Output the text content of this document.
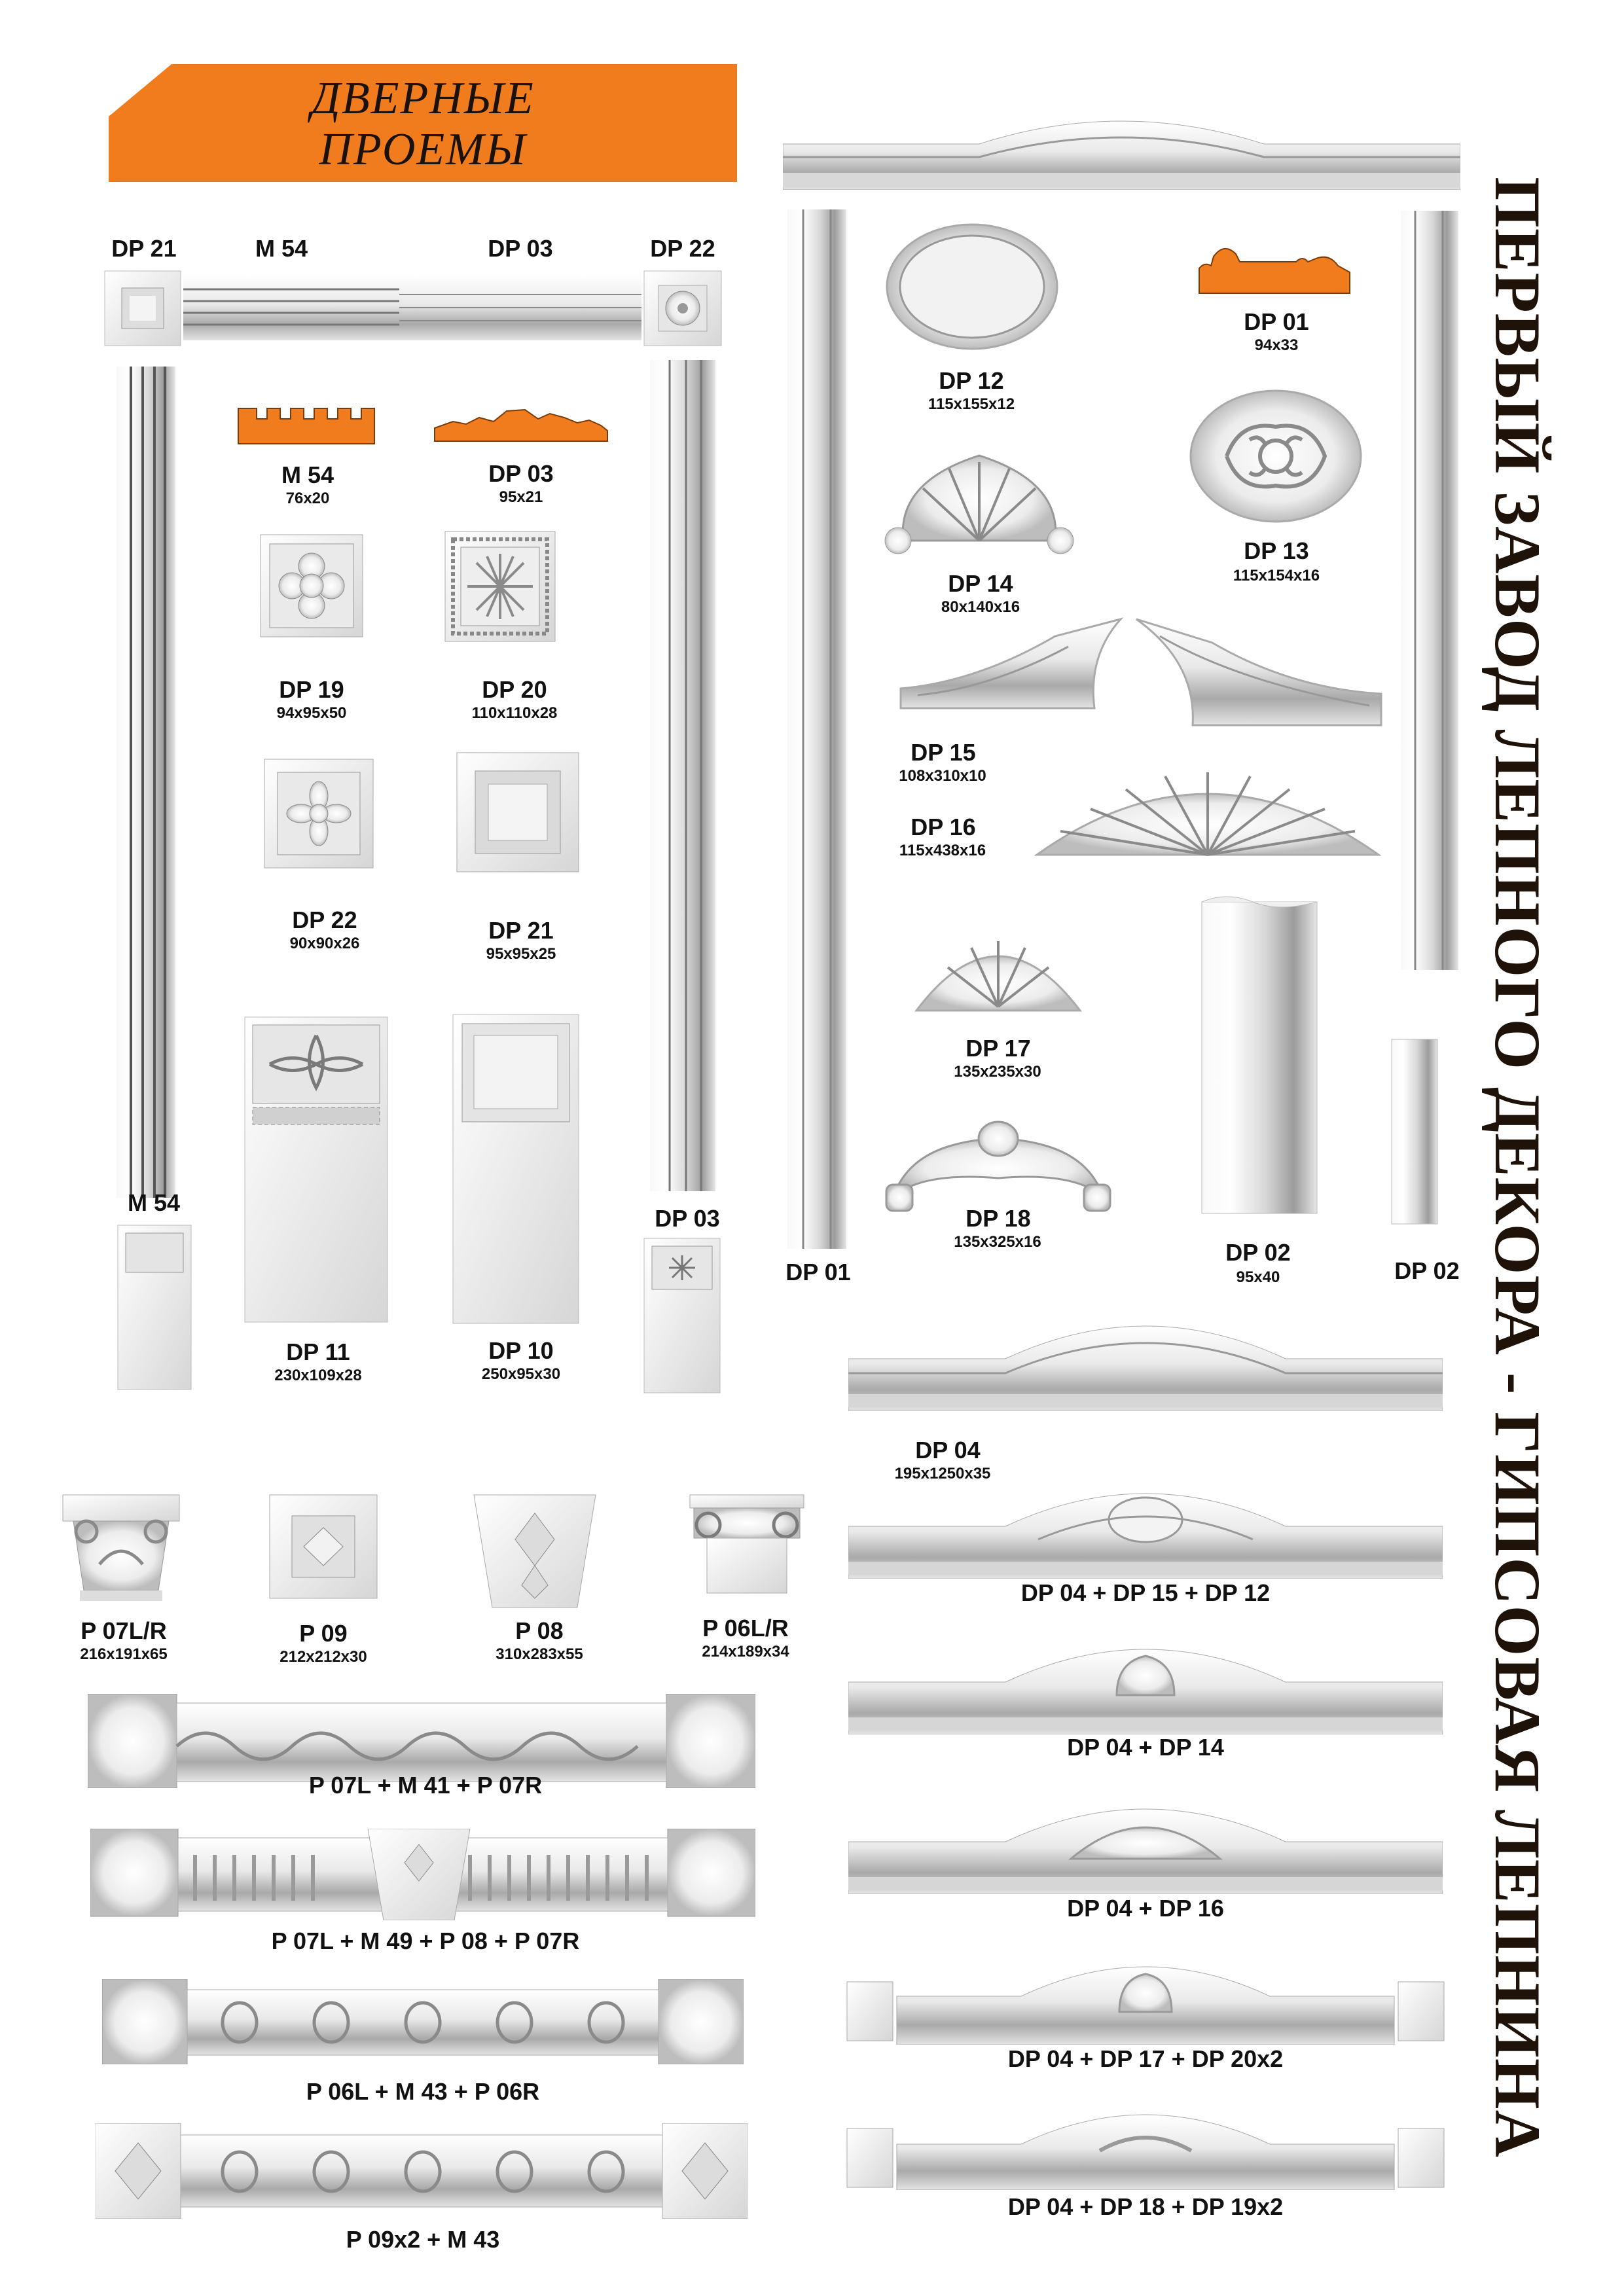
ДВЕРНЫЕ
ПРОЕМЫ
ПЕРВЫЙ ЗАВОД ЛЕПНОГО ДЕКОРА - ГИПСОВАЯ ЛЕПНИНА
DP 21	M 54	DP 03	DP 22
M 54
DP 03
M 54
76x20
DP 03
95x21
DP 19
94x95x50
DP 20
110x110x28
DP 22
90x90x26	DP 21
95x95x25
DP 11
230x109x28
DP 10
250x95x30
DP 12
115x155x12
DP 01
94x33
DP 13
115x154x16
DP 14
80x140x16
DP 15
108x310x10
DP 16
115x438x16
DP 17
135x235x30
DP 18
135x325x16	DP 02
95x40	DP 02
DP 01
DP 04
195x1250x35
DP 04 + DP 15 + DP 12
DP 04 + DP 14
DP 04 + DP 16
DP 04 + DP 17 + DP 20x2
DP 04 + DP 18 + DP 19x2
P 07L/R
216x191x65
P 09
212x212x30
P 08
310x283x55
P 06L/R
214x189x34
P 07L + M 41 + P 07R
P 07L + M 49 + P 08 + P 07R
P 06L + M 43 + P 06R
P 09x2 + M 43
